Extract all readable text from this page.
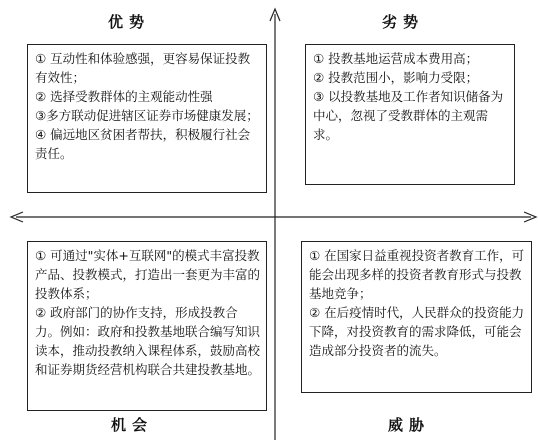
优势	劣势
机会	威胁

① 互动性和体验感强，更容易保证投教有效性；

② 选择受教群体的主观能动性强

③多方联动促进辖区证券市场健康发展；

④ 偏远地区贫困者帮扶，积极履行社会责任。

① 投教基地运营成本费用高；

② 投教范围小，影响力受限；

③ 以投教基地及工作者知识储备为中心，忽视了受教群体的主观需求。

① 可通过"实体+互联网"的模式丰富投教产品、投教模式，打造出一套更为丰富的投教体系；

② 政府部门的协作支持，形成投教合力。例如：政府和投教基地联合编写知识读本，推动投教纳入课程体系，鼓励高校和证券期货经营机构联合共建投教基地。

① 在国家日益重视投资者教育工作，可能会出现多样的投资者教育形式与投教基地竞争；

② 在后疫情时代，人民群众的投资能力下降，对投资教育的需求降低，可能会造成部分投资者的流失。
